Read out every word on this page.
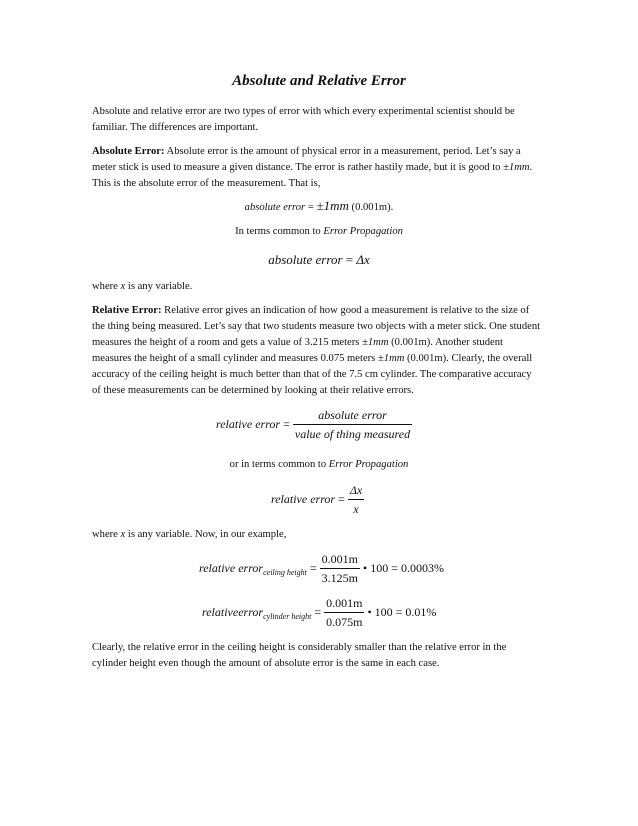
Absolute and Relative Error

Absolute and relative error are two types of error with which every experimental scientist should be familiar. The differences are important.

Absolute Error: Absolute error is the amount of physical error in a measurement, period. Let’s say a meter stick is used to measure a given distance. The error is rather hastily made, but it is good to ±1mm. This is the absolute error of the measurement. That is,

absolute error = ±1mm (0.001m).
In terms common to Error Propagation
absolute error = Δx

where x is any variable.

Relative Error: Relative error gives an indication of how good a measurement is relative to the size of the thing being measured. Let’s say that two students measure two objects with a meter stick. One student measures the height of a room and gets a value of 3.215 meters ±1mm (0.001m). Another student measures the height of a small cylinder and measures 0.075 meters ±1mm (0.001m). Clearly, the overall accuracy of the ceiling height is much better than that of the 7.5 cm cylinder. The comparative accuracy of these measurements can be determined by looking at their relative errors.

relative error = $\frac{\text{absolute error}}{\text{value of thing measured}}$
or in terms common to Error Propagation
relative error = $\frac{\Delta x}{x}$

where x is any variable. Now, in our example,

relative error$_{ceiling height}$ = $\frac{0.001m}{3.125m}$ • 100 = 0.0003%
relativeerror$_{cylinder height}$ = $\frac{0.001m}{0.075m}$ • 100 = 0.01%

Clearly, the relative error in the ceiling height is considerably smaller than the relative error in the cylinder height even though the amount of absolute error is the same in each case.
